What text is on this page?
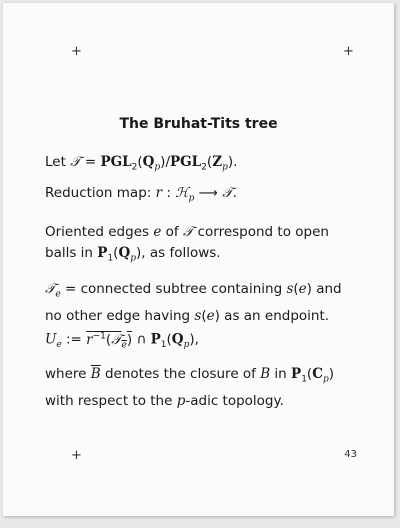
+	+
The Bruhat-Tits tree
Let 𝒯 = $PGL_2(Q_p)/PGL_2(Z_p)$.
Reduction map: r : ℋ$_p$ ⟶ 𝒯.
Oriented edges e of 𝒯 correspond to open
balls in $P_1(Q_p)$, as follows.
𝒯$_e$ = connected subtree containing s(e) and
no other edge having s(e) as an endpoint.
$U_e$ := $r^{-1}(𝒯_e)$ ∩ $P_1(Q_p)$,
where $\overline{B}$ denotes the closure of B in $P_1(C_p)$
with respect to the p-adic topology.
+	43
